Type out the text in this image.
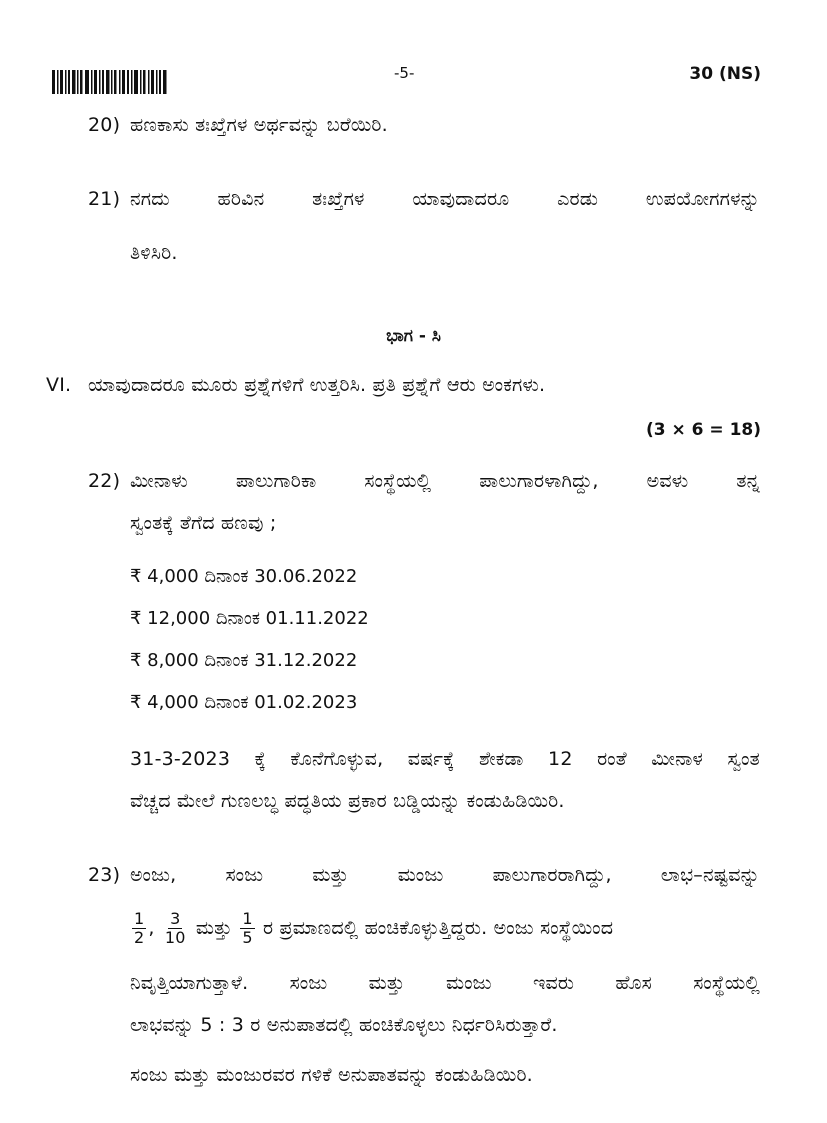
-5-	30 (NS)
20) ಹಣಕಾಸು ತಃಖ್ತೆಗಳ ಅರ್ಥವನ್ನು ಬರೆಯಿರಿ.
21) ನಗದು	ಹರಿವಿನ	ತಃಖ್ತೆಗಳ	ಯಾವುದಾದರೂ	ಎರಡು	ಉಪಯೋಗಗಳನ್ನು
ತಿಳಿಸಿರಿ.
ಭಾಗ - ಸಿ
VI. ಯಾವುದಾದರೂ ಮೂರು ಪ್ರಶ್ನೆಗಳಿಗೆ ಉತ್ತರಿಸಿ. ಪ್ರತಿ ಪ್ರಶ್ನೆಗೆ ಆರು ಅಂಕಗಳು.
(3 × 6 = 18)
22) ಮೀನಾಳು	ಪಾಲುಗಾರಿಕಾ	ಸಂಸ್ಥೆಯಲ್ಲಿ	ಪಾಲುಗಾರಳಾಗಿದ್ದು,	ಅವಳು	ತನ್ನ
ಸ್ವಂತಕ್ಕೆ ತೆಗೆದ ಹಣವು ;
₹ 4,000 ದಿನಾಂಕ 30.06.2022
₹ 12,000 ದಿನಾಂಕ 01.11.2022
₹ 8,000 ದಿನಾಂಕ 31.12.2022
₹ 4,000 ದಿನಾಂಕ 01.02.2023
31-3-2023 ಕ್ಕೆ ಕೊನೆಗೊಳ್ಳುವ, ವರ್ಷಕ್ಕೆ ಶೇಕಡಾ 12 ರಂತೆ ಮೀನಾಳ ಸ್ವಂತ
ವೆಚ್ಚದ ಮೇಲೆ ಗುಣಲಬ್ಧ ಪದ್ಧತಿಯ ಪ್ರಕಾರ ಬಡ್ಡಿಯನ್ನು ಕಂಡುಹಿಡಿಯಿರಿ.
23) ಅಂಜು,	ಸಂಜು	ಮತ್ತು	ಮಂಜು	ಪಾಲುಗಾರರಾಗಿದ್ದು,	ಲಾಭ–ನಷ್ಟವನ್ನು
$\frac{1}{2}$ , $\frac{3}{10}$ ಮತ್ತು $\frac{1}{5}$ ರ ಪ್ರಮಾಣದಲ್ಲಿ ಹಂಚಿಕೊಳ್ಳುತ್ತಿದ್ದರು. ಅಂಜು ಸಂಸ್ಥೆಯಿಂದ
ನಿವೃತ್ತಿಯಾಗುತ್ತಾಳೆ. ಸಂಜು ಮತ್ತು ಮಂಜು ಇವರು ಹೊಸ ಸಂಸ್ಥೆಯಲ್ಲಿ
ಲಾಭವನ್ನು 5 : 3 ರ ಅನುಪಾತದಲ್ಲಿ ಹಂಚಿಕೊಳ್ಳಲು ನಿರ್ಧರಿಸಿರುತ್ತಾರೆ.
ಸಂಜು ಮತ್ತು ಮಂಜುರವರ ಗಳಿಕೆ ಅನುಪಾತವನ್ನು ಕಂಡುಹಿಡಿಯಿರಿ.
